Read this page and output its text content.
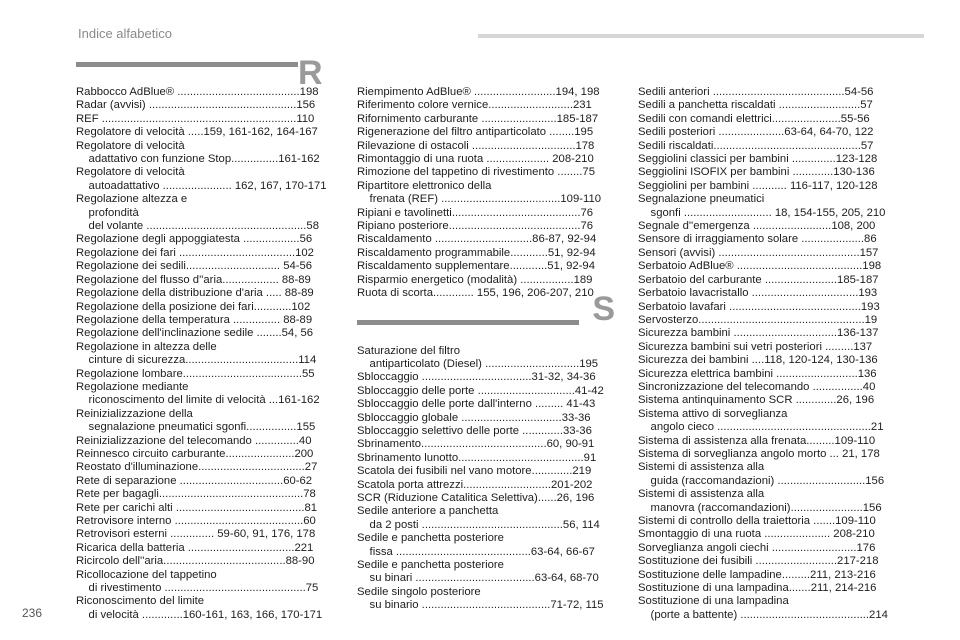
Indice alfabetico
R
Rabbocco AdBlue® .......................................198
Radar (avvisi) ...............................................156
REF ..............................................................110
Regolatore di velocità .....159, 161-162, 164-167
Regolatore di velocità
adattativo con funzione Stop...............161-162
Regolatore di velocità
autoadattativo ...................... 162, 167, 170-171
Regolazione altezza e
profondità
del volante ...................................................58
Regolazione degli appoggiatesta ..................56
Regolazione dei fari .....................................102
Regolazione dei sedili.............................. 54-56
Regolazione del flusso d''aria.................. 88-89
Regolazione della distribuzione d'aria ..... 88-89
Regolazione della posizione dei fari............102
Regolazione della temperatura ............... 88-89
Regolazione dell'inclinazione sedile ........54, 56
Regolazione in altezza delle
cinture di sicurezza....................................114
Regolazione lombare......................................55
Regolazione mediante
riconoscimento del limite di velocità ...161-162
Reinizializzazione della
segnalazione pneumatici sgonfi................155
Reinizializzazione del telecomando ..............40
Reinnesco circuito carburante......................200
Reostato d'illuminazione..................................27
Rete di separazione .................................60-62
Rete per bagagli..............................................78
Rete per carichi alti .........................................81
Retrovisore interno .........................................60
Retrovisori esterni .............. 59-60, 91, 176, 178
Ricarica della batteria ..................................221
Ricircolo dell''aria.......................................88-90
Ricollocazione del tappetino
di rivestimento .............................................75
Riconoscimento del limite
di velocità .............160-161, 163, 166, 170-171
Riempimento AdBlue® ..........................194, 198
Riferimento colore vernice...........................231
Rifornimento carburante ........................185-187
Rigenerazione del filtro antiparticolato ........195
Rilevazione di ostacoli .................................178
Rimontaggio di una ruota .................... 208-210
Rimozione del tappetino di rivestimento ........75
Ripartitore elettronico della
frenata (REF) ......................................109-110
Ripiani e tavolinetti.........................................76
Ripiano posteriore..........................................76
Riscaldamento ...............................86-87, 92-94
Riscaldamento programmabile............51, 92-94
Riscaldamento supplementare............51, 92-94
Risparmio energetico (modalità) .................189
Ruota di scorta............. 155, 196, 206-207, 210
S
Saturazione del filtro
antiparticolato (Diesel) ..............................195
Sbloccaggio ...................................31-32, 34-36
Sbloccaggio delle porte ...............................41-42
Sbloccaggio delle porte dall'interno ......... 41-43
Sbloccaggio globale ................................33-36
Sbloccaggio selettivo delle porte .............33-36
Sbrinamento........................................60, 90-91
Sbrinamento lunotto........................................91
Scatola dei fusibili nel vano motore.............219
Scatola porta attrezzi............................201-202
SCR (Riduzione Catalitica Selettiva)......26, 196
Sedile anteriore a panchetta
da 2 posti .............................................56, 114
Sedile e panchetta posteriore
fissa ...........................................63-64, 66-67
Sedile e panchetta posteriore
su binari ......................................63-64, 68-70
Sedile singolo posteriore
su binario .........................................71-72, 115
Sedili anteriori ..........................................54-56
Sedili a panchetta riscaldati ..........................57
Sedili con comandi elettrici......................55-56
Sedili posteriori .....................63-64, 64-70, 122
Sedili riscaldati...............................................57
Seggiolini classici per bambini ..............123-128
Seggiolini ISOFIX per bambini .............130-136
Seggiolini per bambini ........... 116-117, 120-128
Segnalazione pneumatici
sgonfi ............................ 18, 154-155, 205, 210
Segnale d''emergenza .........................108, 200
Sensore di irraggiamento solare ....................86
Sensori (avvisi) .............................................157
Serbatoio AdBlue® ........................................198
Serbatoio del carburante .......................185-187
Serbatoio lavacristallo ..................................193
Serbatoio lavafari ..........................................193
Servosterzo.....................................................19
Sicurezza bambini .................................136-137
Sicurezza bambini sui vetri posteriori .........137
Sicurezza dei bambini ....118, 120-124, 130-136
Sicurezza elettrica bambini ..........................136
Sincronizzazione del telecomando ................40
Sistema antinquinamento SCR .............26, 196
Sistema attivo di sorveglianza
angolo cieco .................................................21
Sistema di assistenza alla frenata.........109-110
Sistema di sorveglianza angolo morto ... 21, 178
Sistemi di assistenza alla
guida (raccomandazioni) ............................156
Sistemi di assistenza alla
manovra (raccomandazioni).......................156
Sistemi di controllo della traiettoria .......109-110
Smontaggio di una ruota ..................... 208-210
Sorveglianza angoli ciechi ...........................176
Sostituzione dei fusibili ..........................217-218
Sostituzione delle lampadine.........211, 213-216
Sostituzione di una lampadina.......211, 214-216
Sostituzione di una lampadina
(porte a battente) .........................................214
236
